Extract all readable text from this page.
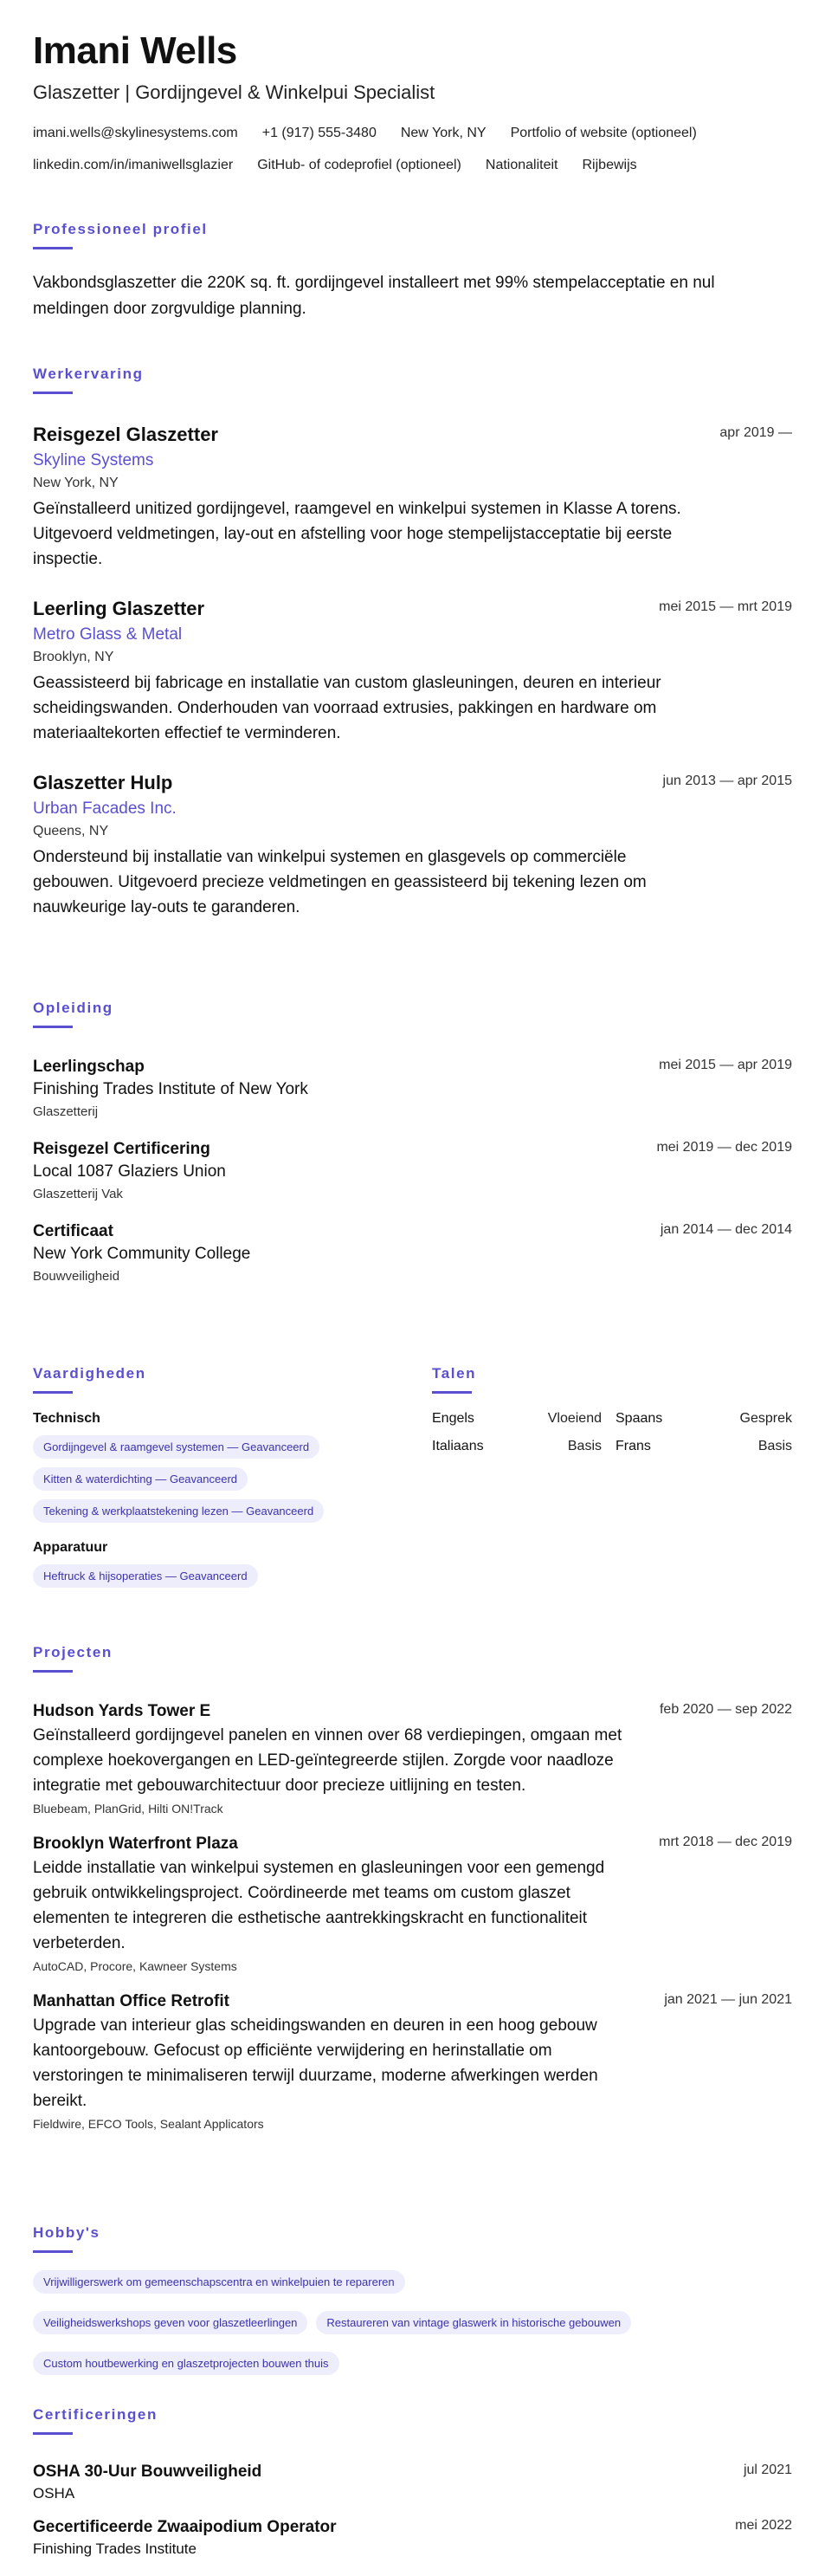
Imani Wells
Glaszetter | Gordijngevel & Winkelpui Specialist
imani.wells@skylinesystems.com +1 (917) 555-3480 New York, NY Portfolio of website (optioneel)
linkedin.com/in/imaniwellsglazier GitHub- of codeprofiel (optioneel) Nationaliteit Rijbewijs
Professioneel profiel
Vakbondsglaszetter die 220K sq. ft. gordijngevel installeert met 99% stempelacceptatie en nul meldingen door zorgvuldige planning.
Werkervaring
Reisgezel Glaszetter	apr 2019 —
Skyline Systems
New York, NY
Geïnstalleerd unitized gordijngevel, raamgevel en winkelpui systemen in Klasse A torens. Uitgevoerd veldmetingen, lay-out en afstelling voor hoge stempelijstacceptatie bij eerste inspectie.
Leerling Glaszetter	mei 2015 — mrt 2019
Metro Glass & Metal
Brooklyn, NY
Geassisteerd bij fabricage en installatie van custom glasleuningen, deuren en interieur scheidingswanden. Onderhouden van voorraad extrusies, pakkingen en hardware om materiaaltekorten effectief te verminderen.
Glaszetter Hulp	jun 2013 — apr 2015
Urban Facades Inc.
Queens, NY
Ondersteund bij installatie van winkelpui systemen en glasgevels op commerciële gebouwen. Uitgevoerd precieze veldmetingen en geassisteerd bij tekening lezen om nauwkeurige lay-outs te garanderen.
Opleiding
Leerlingschap	mei 2015 — apr 2019
Finishing Trades Institute of New York
Glaszetterij
Reisgezel Certificering	mei 2019 — dec 2019
Local 1087 Glaziers Union
Glaszetterij Vak
Certificaat	jan 2014 — dec 2014
New York Community College
Bouwveiligheid
Vaardigheden
Technisch
Gordijngevel & raamgevel systemen — Geavanceerd
Kitten & waterdichting — Geavanceerd
Tekening & werkplaatstekening lezen — Geavanceerd
Apparatuur
Heftruck & hijsoperaties — Geavanceerd
Talen
Engels	Vloeiend Spaans	Gesprek
Italiaans	Basis Frans	Basis
Projecten
Hudson Yards Tower E	feb 2020 — sep 2022
Geïnstalleerd gordijngevel panelen en vinnen over 68 verdiepingen, omgaan met complexe hoekovergangen en LED-geïntegreerde stijlen. Zorgde voor naadloze integratie met gebouwarchitectuur door precieze uitlijning en testen.
Bluebeam, PlanGrid, Hilti ON!Track
Brooklyn Waterfront Plaza	mrt 2018 — dec 2019
Leidde installatie van winkelpui systemen en glasleuningen voor een gemengd gebruik ontwikkelingsproject. Coördineerde met teams om custom glaszet elementen te integreren die esthetische aantrekkingskracht en functionaliteit verbeterden.
AutoCAD, Procore, Kawneer Systems
Manhattan Office Retrofit	jan 2021 — jun 2021
Upgrade van interieur glas scheidingswanden en deuren in een hoog gebouw kantoorgebouw. Gefocust op efficiënte verwijdering en herinstallatie om verstoringen te minimaliseren terwijl duurzame, moderne afwerkingen werden bereikt.
Fieldwire, EFCO Tools, Sealant Applicators
Hobby's
Vrijwilligerswerk om gemeenschapscentra en winkelpuien te repareren
Veiligheidswerkshops geven voor glaszetleerlingen	Restaureren van vintage glaswerk in historische gebouwen
Custom houtbewerking en glaszetprojecten bouwen thuis
Certificeringen
OSHA 30-Uur Bouwveiligheid	jul 2021
OSHA
Gecertificeerde Zwaaipodium Operator	mei 2022
Finishing Trades Institute
